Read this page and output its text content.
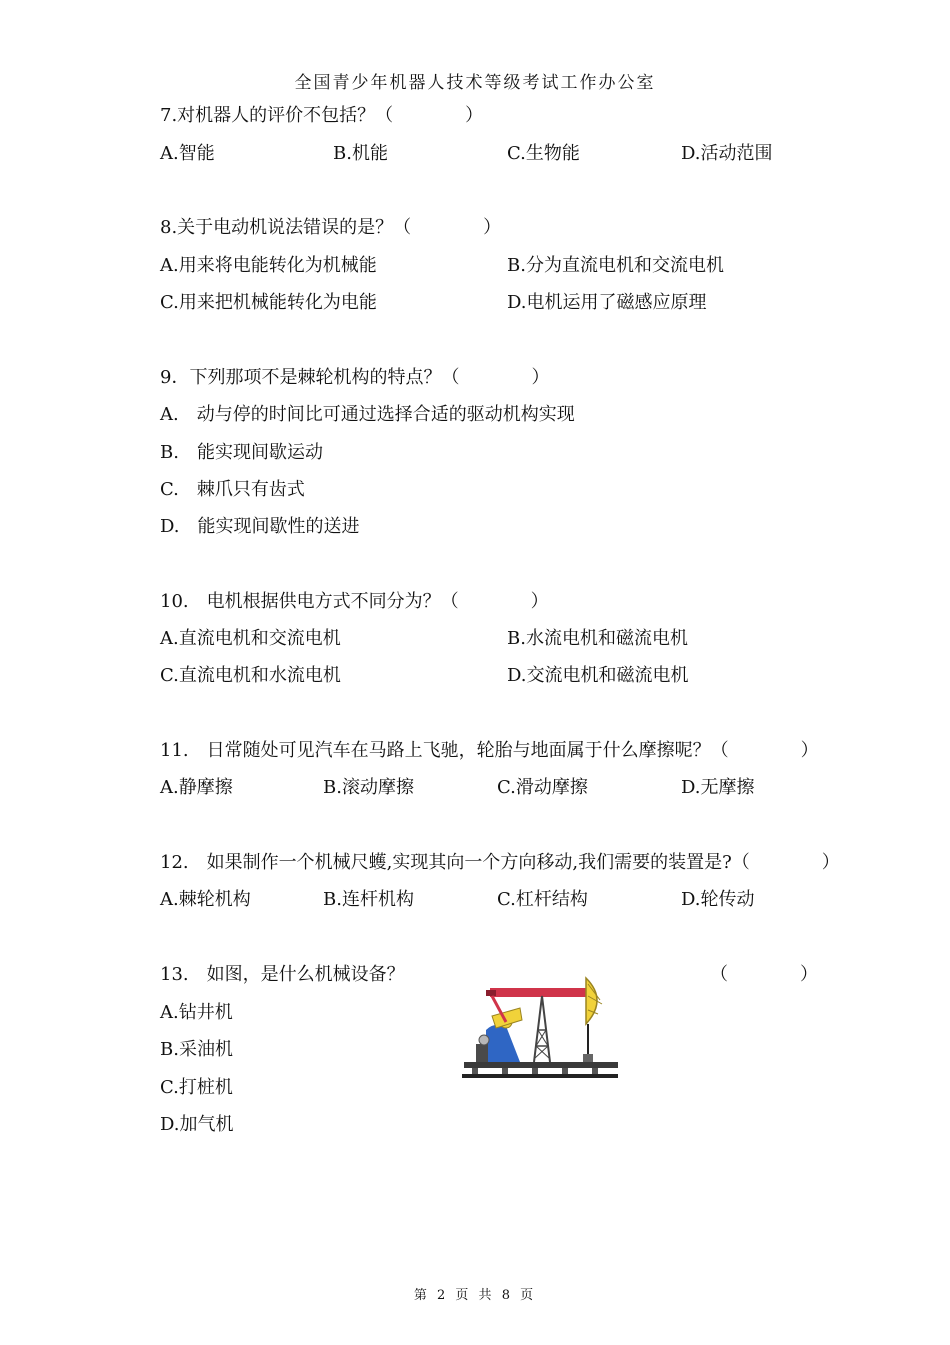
全国青少年机器人技术等级考试工作办公室
7.对机器人的评价不包括？（　　　　）
A.智能	B.机能	C.生物能	D.活动范围
8.关于电动机说法错误的是？（　　　　）
A.用来将电能转化为机械能	B.分为直流电机和交流电机
C.用来把机械能转化为电能	D.电机运用了磁感应原理
9．下列那项不是棘轮机构的特点？（　　　　）
A.　动与停的时间比可通过选择合适的驱动机构实现
B.　能实现间歇运动
C.　棘爪只有齿式
D.　能实现间歇性的送进
10.　电机根据供电方式不同分为？（　　　　）
A.直流电机和交流电机	B.水流电机和磁流电机
C.直流电机和水流电机	D.交流电机和磁流电机
11.　日常随处可见汽车在马路上飞驰，轮胎与地面属于什么摩擦呢？（　　　　）
A.静摩擦	B.滚动摩擦	C.滑动摩擦	D.无摩擦
12.　如果制作一个机械尺蠖,实现其向一个方向移动,我们需要的装置是?（　　　　）
A.棘轮机构	B.连杆机构	C.杠杆结构	D.轮传动
13.　如图，是什么机械设备？	（　　　　）
A.钻井机
B.采油机
C.打桩机
D.加气机
第 2 页 共 8 页
